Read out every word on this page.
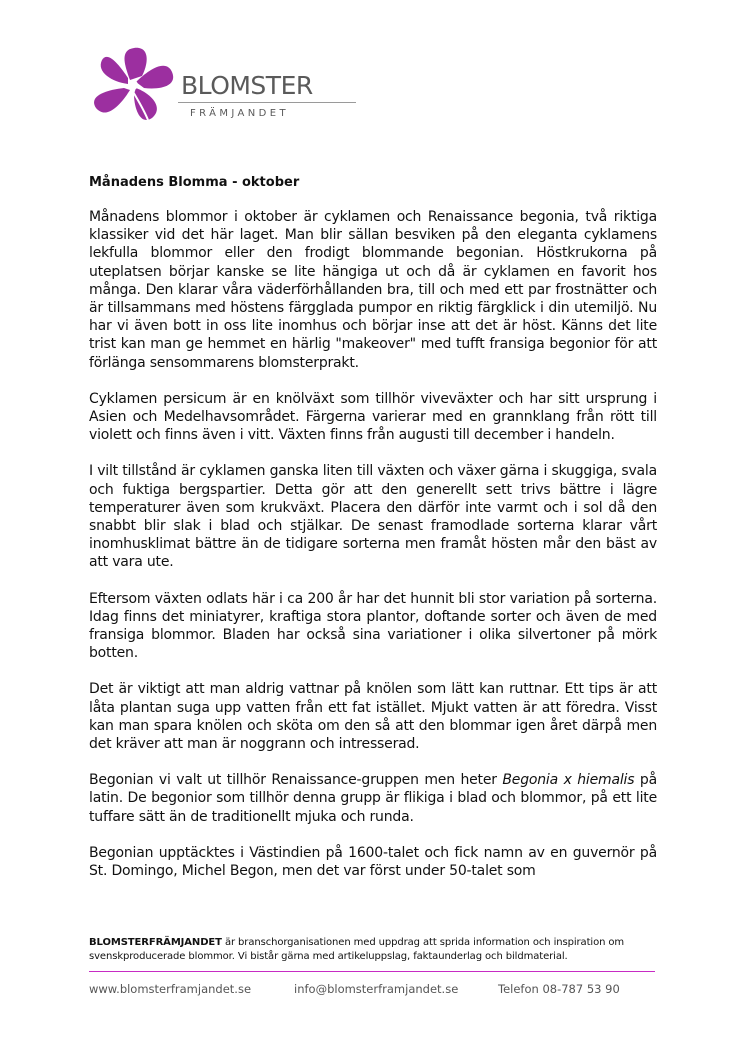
BLOMSTER
FRÄMJANDET
Månadens Blomma - oktober

Månadens blommor i oktober är cyklamen och Renaissance begonia, två riktiga klassiker vid det här laget. Man blir sällan besviken på den eleganta cyklamens lekfulla blommor eller den frodigt blommande begonian. Höstkrukorna på uteplatsen börjar kanske se lite hängiga ut och då är cyklamen en favorit hos många. Den klarar våra väderförhållanden bra, till och med ett par frostnätter och är tillsammans med höstens färgglada pumpor en riktig färgklick i din utemiljö. Nu har vi även bott in oss lite inomhus och börjar inse att det är höst. Känns det lite trist kan man ge hemmet en härlig "makeover" med tufft fransiga begonior för att förlänga sensommarens blomsterprakt.

Cyklamen persicum är en knölväxt som tillhör viveväxter och har sitt ursprung i Asien och Medelhavsområdet. Färgerna varierar med en grannklang från rött till violett och finns även i vitt. Växten finns från augusti till december i handeln.

I vilt tillstånd är cyklamen ganska liten till växten och växer gärna i skuggiga, svala och fuktiga bergspartier. Detta gör att den generellt sett trivs bättre i lägre temperaturer även som krukväxt. Placera den därför inte varmt och i sol då den snabbt blir slak i blad och stjälkar. De senast framodlade sorterna klarar vårt inomhusklimat bättre än de tidigare sorterna men framåt hösten mår den bäst av att vara ute.

Eftersom växten odlats här i ca 200 år har det hunnit bli stor variation på sorterna. Idag finns det miniatyrer, kraftiga stora plantor, doftande sorter och även de med fransiga blommor. Bladen har också sina variationer i olika silvertoner på mörk botten.

Det är viktigt att man aldrig vattnar på knölen som lätt kan ruttnar. Ett tips är att låta plantan suga upp vatten från ett fat istället. Mjukt vatten är att föredra. Visst kan man spara knölen och sköta om den så att den blommar igen året därpå men det kräver att man är noggrann och intresserad.

Begonian vi valt ut tillhör Renaissance-gruppen men heter Begonia x hiemalis på latin. De begonior som tillhör denna grupp är flikiga i blad och blommor, på ett lite tuffare sätt än de traditionellt mjuka och runda.

Begonian upptäcktes i Västindien på 1600-talet och fick namn av en guvernör på St. Domingo, Michel Begon, men det var först under 50-talet som

BLOMSTERFRÄMJANDET är branschorganisationen med uppdrag att sprida information och inspiration om svenskproducerade blommor. Vi bistår gärna med artikeluppslag, faktaunderlag och bildmaterial.
www.blomsterframjandet.se	info@blomsterframjandet.se	Telefon 08-787 53 90
